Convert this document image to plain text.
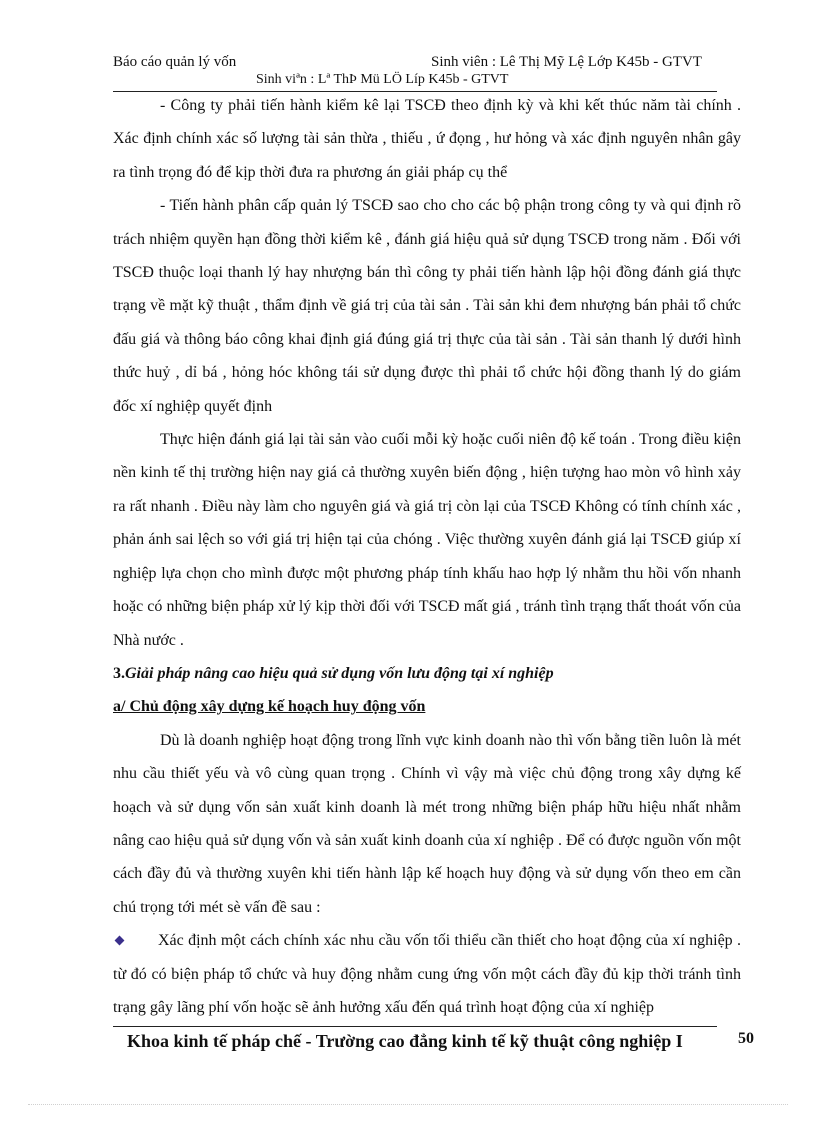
Báo cáo quản lý vốn	Sinh viên : Lê Thị Mỹ Lệ Lớp K45b - GTVT
Sinh viªn : Lª ThÞ Mü LÖ Líp K45b - GTVT

- Công ty phải tiến hành kiểm kê lại TSCĐ theo định kỳ và khi kết thúc năm tài chính . Xác định chính xác số lượng tài sản thừa , thiếu , ứ đọng , hư hỏng và xác định nguyên nhân gây ra tình trọng đó để kịp thời đưa ra phương án giải pháp cụ thể

- Tiến hành phân cấp quản lý TSCĐ sao cho cho các bộ phận trong công ty và qui định rõ trách nhiệm quyền hạn đồng thời kiểm kê , đánh giá hiệu quả sử dụng TSCĐ trong năm . Đối với TSCĐ thuộc loại thanh lý hay nhượng bán thì công ty phải tiến hành lập hội đồng đánh giá thực trạng về mặt kỹ thuật , thẩm định về giá trị của tài sản . Tài sản khi đem nhượng bán phải tổ chức đấu giá và thông báo công khai định giá đúng giá trị thực của tài sản . Tài sản thanh lý dưới hình thức huỷ , dỉ bá , hỏng hóc không tái sử dụng được thì phải tổ chức hội đồng thanh lý do giám đốc xí nghiệp quyết định

Thực hiện đánh giá lại tài sản vào cuối mỗi kỳ hoặc cuối niên độ kế toán . Trong điều kiện nền kinh tế thị trường hiện nay giá cả thường xuyên biến động , hiện tượng hao mòn vô hình xảy ra rất nhanh . Điều này làm cho nguyên giá và giá trị còn lại của TSCĐ Không có tính chính xác , phản ánh sai lệch so với giá trị hiện tại của chóng . Việc thường xuyên đánh giá lại TSCĐ giúp xí nghiệp lựa chọn cho mình được một phương pháp tính khấu hao hợp lý nhằm thu hồi vốn nhanh hoặc có những biện pháp xử lý kịp thời đối với TSCĐ mất giá , tránh tình trạng thất thoát vốn của Nhà nước .

3.Giải pháp nâng cao hiệu quả sử dụng vốn lưu động tại xí nghiệp

a/ Chủ động xây dựng kế hoạch huy động vốn

Dù là doanh nghiệp hoạt động trong lĩnh vực kinh doanh nào thì vốn bằng tiền luôn là mét nhu cầu thiết yếu và vô cùng quan trọng . Chính vì vậy mà việc chủ động trong xây dựng kế hoạch và sử dụng vốn sản xuất kinh doanh là mét trong những biện pháp hữu hiệu nhất nhằm nâng cao hiệu quả sử dụng vốn và sản xuất kinh doanh của xí nghiệp . Để có được nguồn vốn một cách đầy đủ và thường xuyên khi tiến hành lập kế hoạch huy động và sử dụng vốn theo em cần chú trọng tới mét sè vấn đề sau :

Xác định một cách chính xác nhu cầu vốn tối thiểu cần thiết cho hoạt động của xí nghiệp . từ đó có biện pháp tổ chức và huy động nhằm cung ứng vốn một cách đầy đủ kịp thời tránh tình trạng gây lãng phí vốn hoặc sẽ ảnh hưởng xấu đến quá trình hoạt động của xí nghiệp

Khoa kinh tế pháp chế - Trường cao đẳng kinh tế kỹ thuật công nghiệp I	50
